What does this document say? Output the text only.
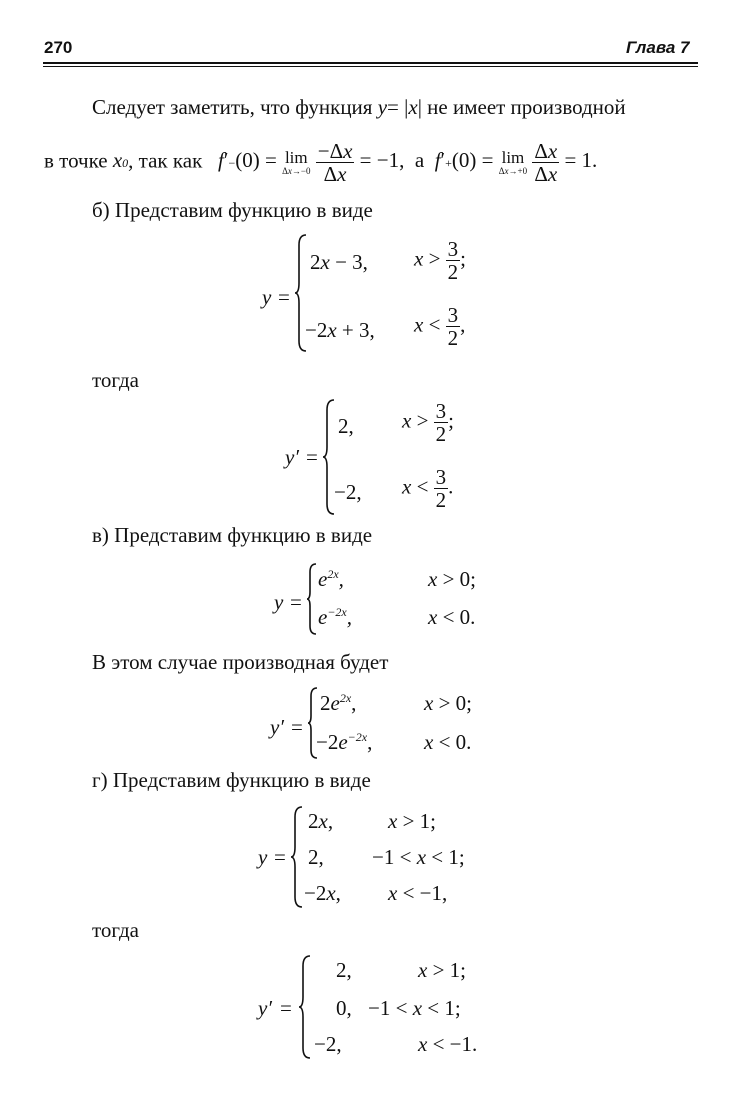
270	Глава 7
Следует заметить, что функция y= |x| не имеет производной
в точке x0, так как f′−(0) = lim
Δx→−0
$\frac{-\Delta x}{\Delta x} = -1$,  а  f′+(0) = lim
Δx→+0
$\frac{\Delta x}{\Delta x} = 1$.
б) Представим функцию в виде
y =
2x − 3, $x > \frac{3}{2}$ ;
−2x + 3, $x < \frac{3}{2}$ ,
тогда
y′ =
2, $x > \frac{3}{2}$ ;
−2, $x < \frac{3}{2}$ .
в) Представим функцию в виде
y =
$e^{2x}$,	x > 0;
$e^{-2x}$,	x < 0.
В этом случае производная будет
y′ =
$2e^{2x}$,	x > 0;
$-2e^{-2x}$, x < 0.
г) Представим функцию в виде
y =
2x,	x > 1;
2, −1 < x < 1;
−2x, x < −1,
тогда
y′ =
2,	x > 1;
0, −1 < x < 1;
−2,	x < −1.
